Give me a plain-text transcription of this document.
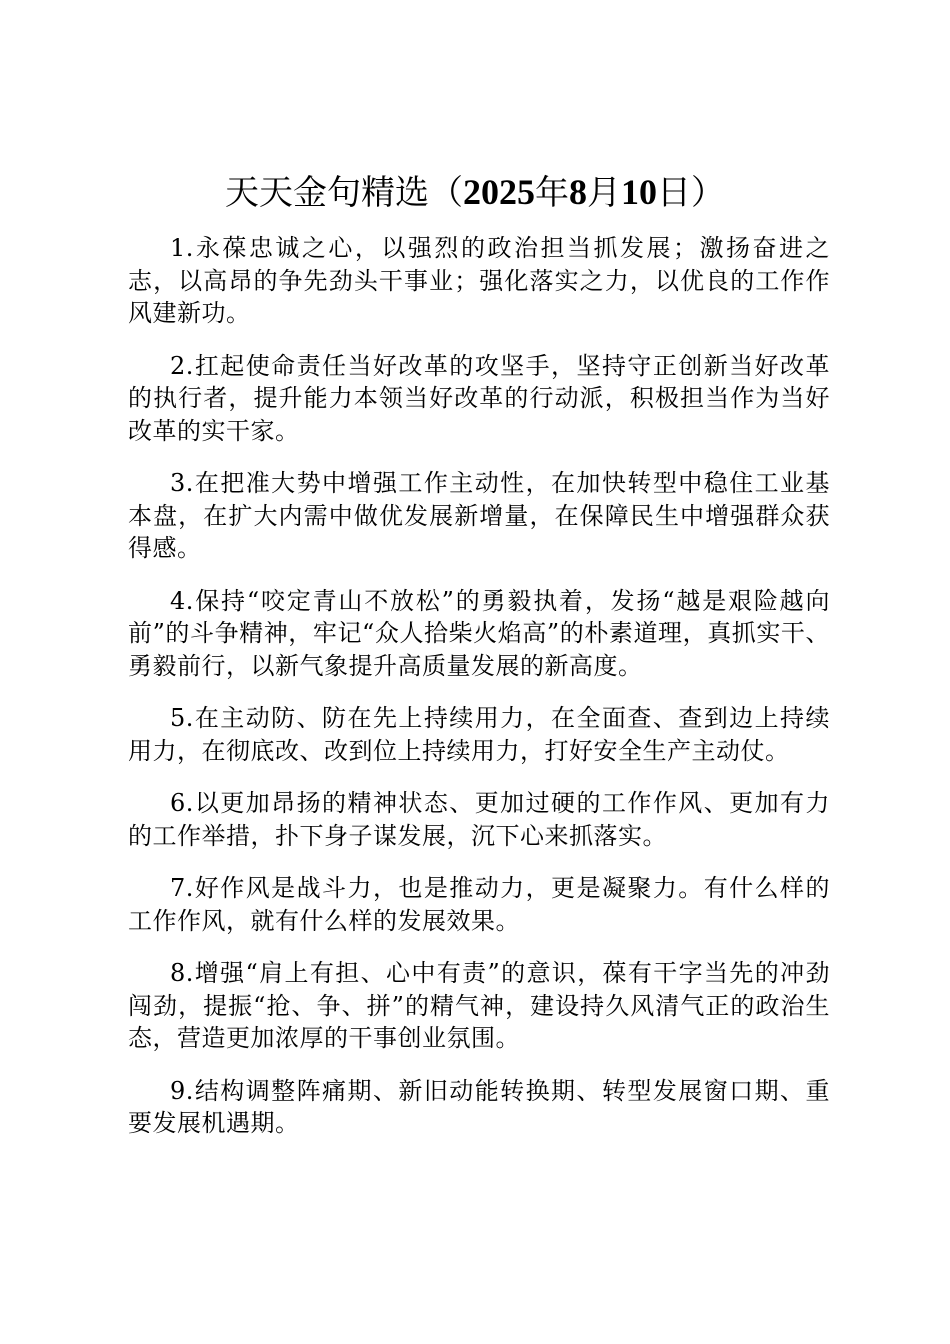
天天金句精选（2025年8月10日）

1.永葆忠诚之心，以强烈的政治担当抓发展；激扬奋进之志，以高昂的争先劲头干事业；强化落实之力，以优良的工作作风建新功。

2.扛起使命责任当好改革的攻坚手，坚持守正创新当好改革的执行者，提升能力本领当好改革的行动派，积极担当作为当好改革的实干家。

3.在把准大势中增强工作主动性，在加快转型中稳住工业基本盘，在扩大内需中做优发展新增量，在保障民生中增强群众获得感。

4.保持“咬定青山不放松”的勇毅执着，发扬“越是艰险越向前”的斗争精神，牢记“众人拾柴火焰高”的朴素道理，真抓实干、勇毅前行，以新气象提升高质量发展的新高度。

5.在主动防、防在先上持续用力，在全面查、查到边上持续用力，在彻底改、改到位上持续用力，打好安全生产主动仗。

6.以更加昂扬的精神状态、更加过硬的工作作风、更加有力的工作举措，扑下身子谋发展，沉下心来抓落实。

7.好作风是战斗力，也是推动力，更是凝聚力。有什么样的工作作风，就有什么样的发展效果。

8.增强“肩上有担、心中有责”的意识，葆有干字当先的冲劲闯劲，提振“抢、争、拼”的精气神，建设持久风清气正的政治生态，营造更加浓厚的干事创业氛围。

9.结构调整阵痛期、新旧动能转换期、转型发展窗口期、重要发展机遇期。
